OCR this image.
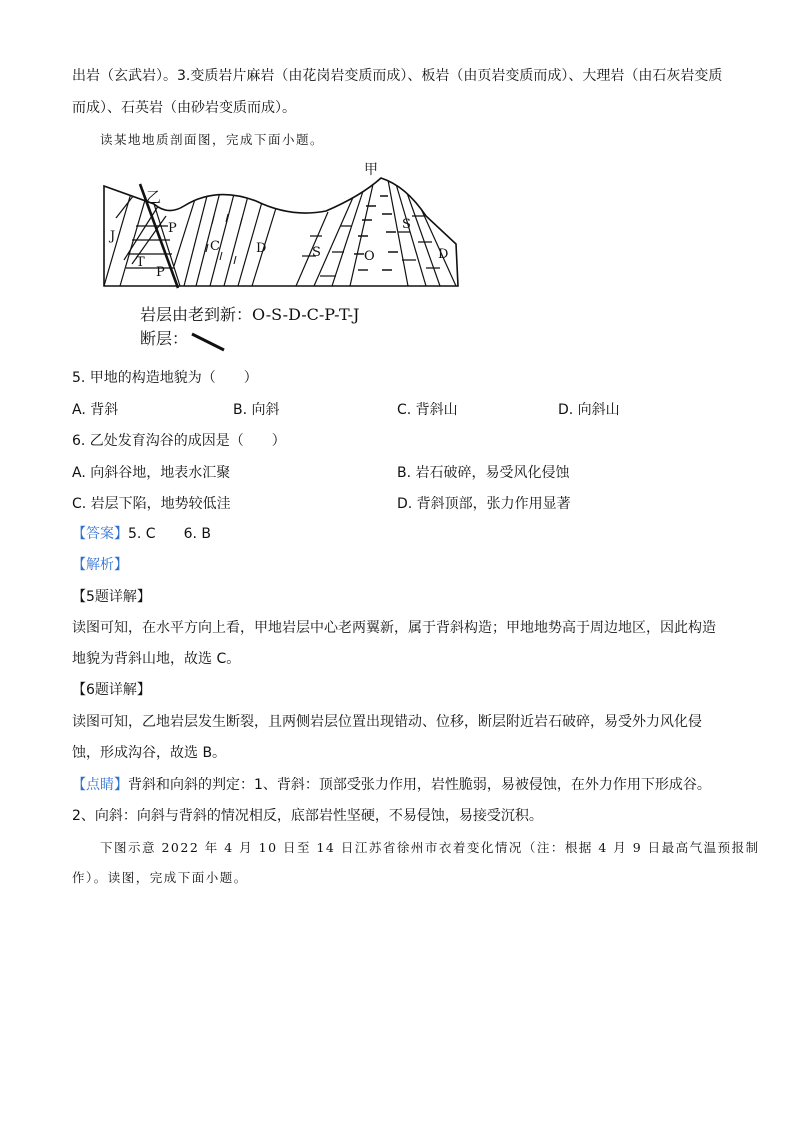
出岩（玄武岩）。3.变质岩片麻岩（由花岗岩变质而成）、板岩（由页岩变质而成）、大理岩（由石灰岩变质
而成）、石英岩（由砂岩变质而成）。
读某地地质剖面图，完成下面小题。
甲
乙
J
T
P
P
C	D	S	O
S
D
岩层由老到新：O-S-D-C-P-T-J
断层：
5. 甲地的构造地貌为（　　）
A. 背斜	B. 向斜	C. 背斜山	D. 向斜山
6. 乙处发育沟谷的成因是（　　）
A. 向斜谷地，地表水汇聚	B. 岩石破碎，易受风化侵蚀
C. 岩层下陷，地势较低洼	D. 背斜顶部，张力作用显著
【答案】5. C 6. B
【解析】
【5题详解】
读图可知，在水平方向上看，甲地岩层中心老两翼新，属于背斜构造；甲地地势高于周边地区，因此构造
地貌为背斜山地，故选 C。
【6题详解】
读图可知，乙地岩层发生断裂，且两侧岩层位置出现错动、位移，断层附近岩石破碎，易受外力风化侵
蚀，形成沟谷，故选 B。
【点睛】背斜和向斜的判定：1、背斜：顶部受张力作用，岩性脆弱，易被侵蚀，在外力作用下形成谷。
2、向斜：向斜与背斜的情况相反，底部岩性坚硬，不易侵蚀，易接受沉积。
下图示意 2022 年 4 月 10 日至 14 日江苏省徐州市衣着变化情况（注：根据 4 月 9 日最高气温预报制
作）。读图，完成下面小题。
